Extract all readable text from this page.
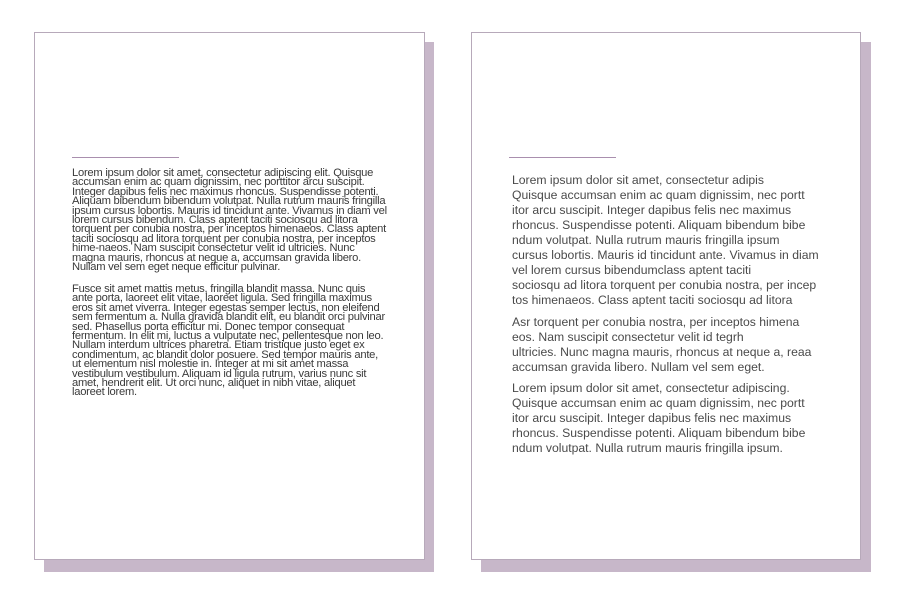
Lorem ipsum dolor sit amet, consectetur adipiscing elit. Quisque accumsan enim ac quam dignissim, nec porttitor arcu suscipit. Integer dapibus felis nec maximus rhoncus. Suspendisse potenti. Aliquam bibendum bibendum volutpat. Nulla rutrum mauris fringilla ipsum cursus lobortis. Mauris id tincidunt ante. Vivamus in diam vel lorem cursus bibendum. Class aptent taciti sociosqu ad litora torquent per conubia nostra, per inceptos himenaeos. Class aptent taciti sociosqu ad litora torquent per conubia nostra, per inceptos hime-naeos. Nam suscipit consectetur velit id ultricies. Nunc magna mauris, rhoncus at neque a, accumsan gravida libero. Nullam vel sem eget neque efficitur pulvinar.

Fusce sit amet mattis metus, fringilla blandit massa. Nunc quis ante porta, laoreet elit vitae, laoreet ligula. Sed fringilla maximus eros sit amet viverra. Integer egestas semper lectus, non eleifend sem fermentum a. Nulla gravida blandit elit, eu blandit orci pulvinar sed. Phasellus porta efficitur mi. Donec tempor consequat fermentum. In elit mi, luctus a vulputate nec, pellentesque non leo. Nullam interdum ultrices pharetra. Etiam tristique justo eget ex condimentum, ac blandit dolor posuere. Sed tempor mauris ante, ut elementum nisl molestie in. Integer at mi sit amet massa vestibulum vestibulum. Aliquam id ligula rutrum, varius nunc sit amet, hendrerit elit. Ut orci nunc, aliquet in nibh vitae, aliquet laoreet lorem.

Lorem ipsum dolor sit amet, consectetur adipis
Quisque accumsan enim ac quam dignissim, nec portt
itor arcu suscipit. Integer dapibus felis nec maximus
rhoncus. Suspendisse potenti. Aliquam bibendum bibe
ndum volutpat. Nulla rutrum mauris fringilla ipsum
cursus lobortis. Mauris id tincidunt ante. Vivamus in diam
vel lorem cursus bibendumclass aptent taciti
sociosqu ad litora torquent per conubia nostra, per incep
tos himenaeos. Class aptent taciti sociosqu ad litora

Asr torquent per conubia nostra, per inceptos himena
eos. Nam suscipit consectetur velit id tegrh
ultricies. Nunc magna mauris, rhoncus at neque a, reaa
accumsan gravida libero. Nullam vel sem eget.

Lorem ipsum dolor sit amet, consectetur adipiscing.
Quisque accumsan enim ac quam dignissim, nec portt
itor arcu suscipit. Integer dapibus felis nec maximus
rhoncus. Suspendisse potenti. Aliquam bibendum bibe
ndum volutpat. Nulla rutrum mauris fringilla ipsum.
